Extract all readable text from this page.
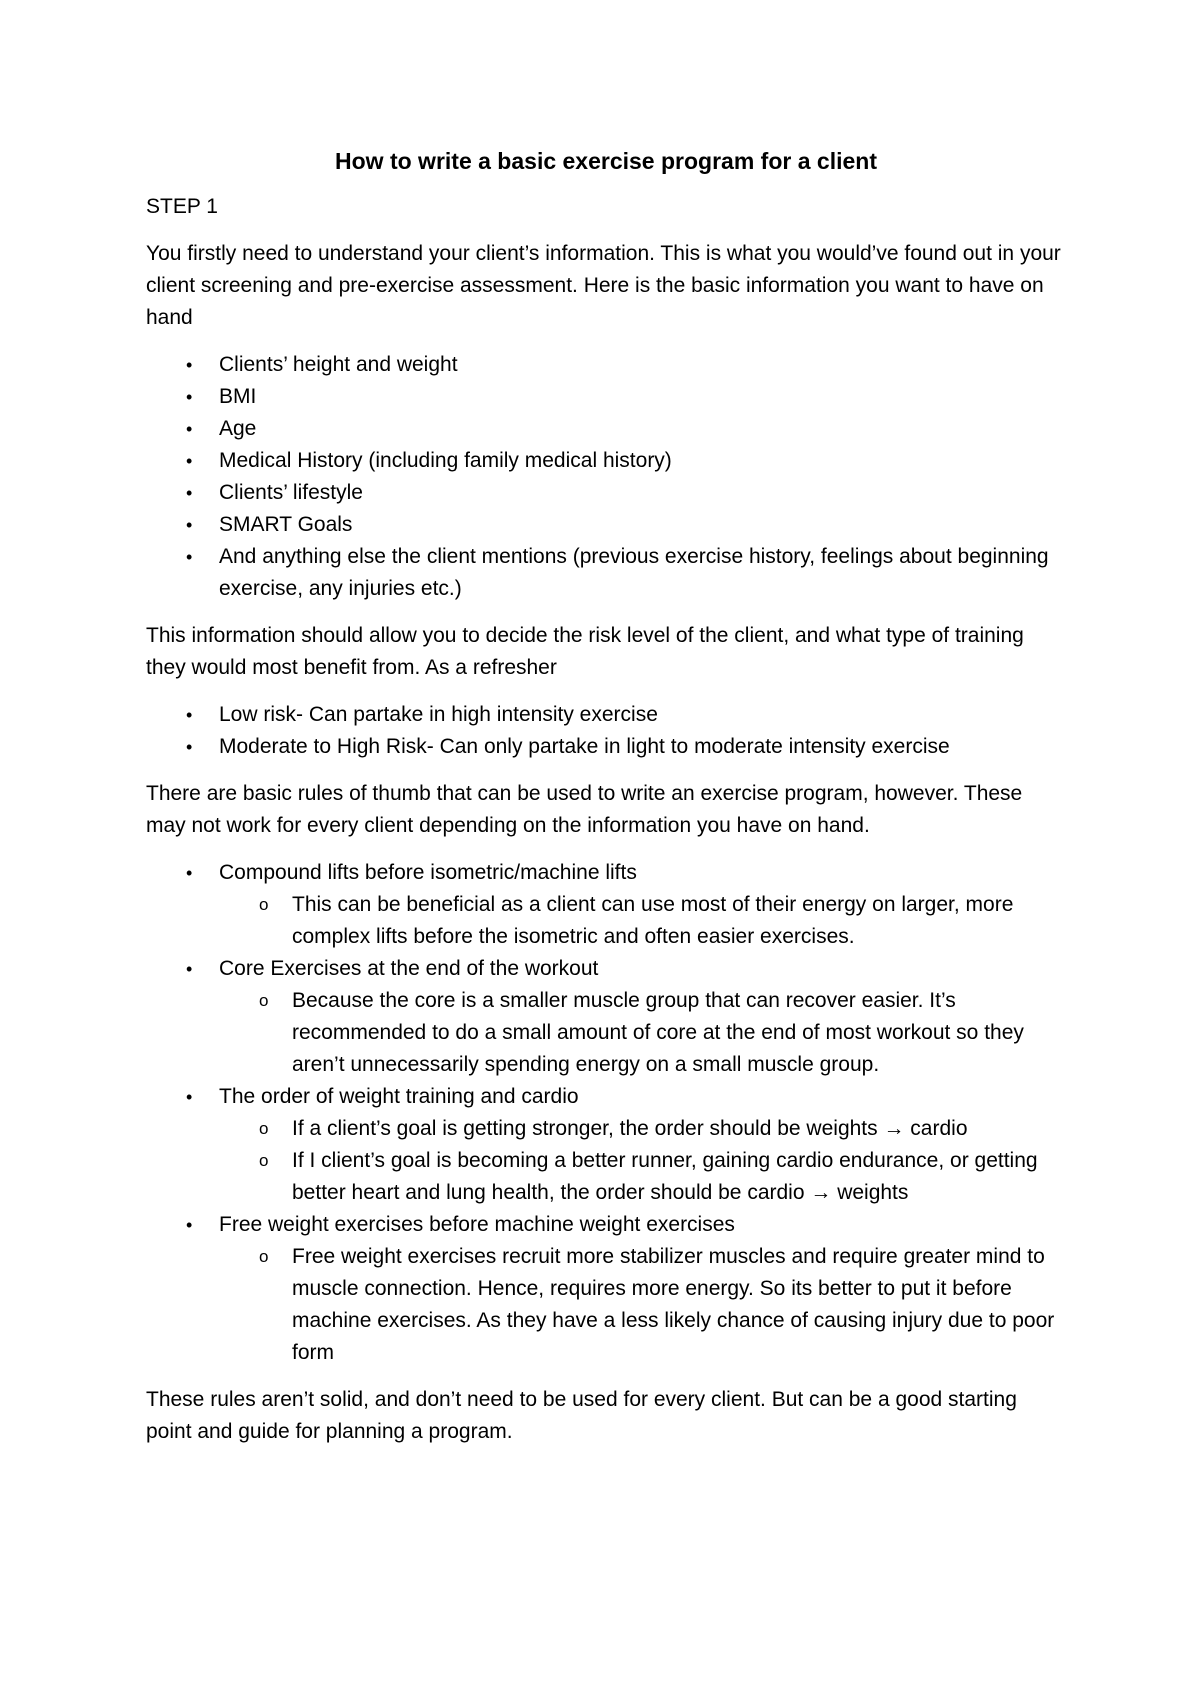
How to write a basic exercise program for a client
STEP 1

You firstly need to understand your client’s information. This is what you would’ve found out in your client screening and pre-exercise assessment. Here is the basic information you want to have on hand

• Clients’ height and weight
• BMI
• Age
• Medical History (including family medical history)
• Clients’ lifestyle
• SMART Goals
• And anything else the client mentions (previous exercise history, feelings about beginning exercise, any injuries etc.)

This information should allow you to decide the risk level of the client, and what type of training they would most benefit from. As a refresher

• Low risk- Can partake in high intensity exercise
• Moderate to High Risk- Can only partake in light to moderate intensity exercise

There are basic rules of thumb that can be used to write an exercise program, however. These may not work for every client depending on the information you have on hand.

• Compound lifts before isometric/machine lifts
o This can be beneficial as a client can use most of their energy on larger, more complex lifts before the isometric and often easier exercises.
• Core Exercises at the end of the workout
o Because the core is a smaller muscle group that can recover easier. It’s recommended to do a small amount of core at the end of most workout so they aren’t unnecessarily spending energy on a small muscle group.
• The order of weight training and cardio
o If a client’s goal is getting stronger, the order should be weights → cardio
o If I client’s goal is becoming a better runner, gaining cardio endurance, or getting better heart and lung health, the order should be cardio → weights
• Free weight exercises before machine weight exercises
o Free weight exercises recruit more stabilizer muscles and require greater mind to muscle connection. Hence, requires more energy. So its better to put it before machine exercises. As they have a less likely chance of causing injury due to poor form

These rules aren’t solid, and don’t need to be used for every client. But can be a good starting point and guide for planning a program.
